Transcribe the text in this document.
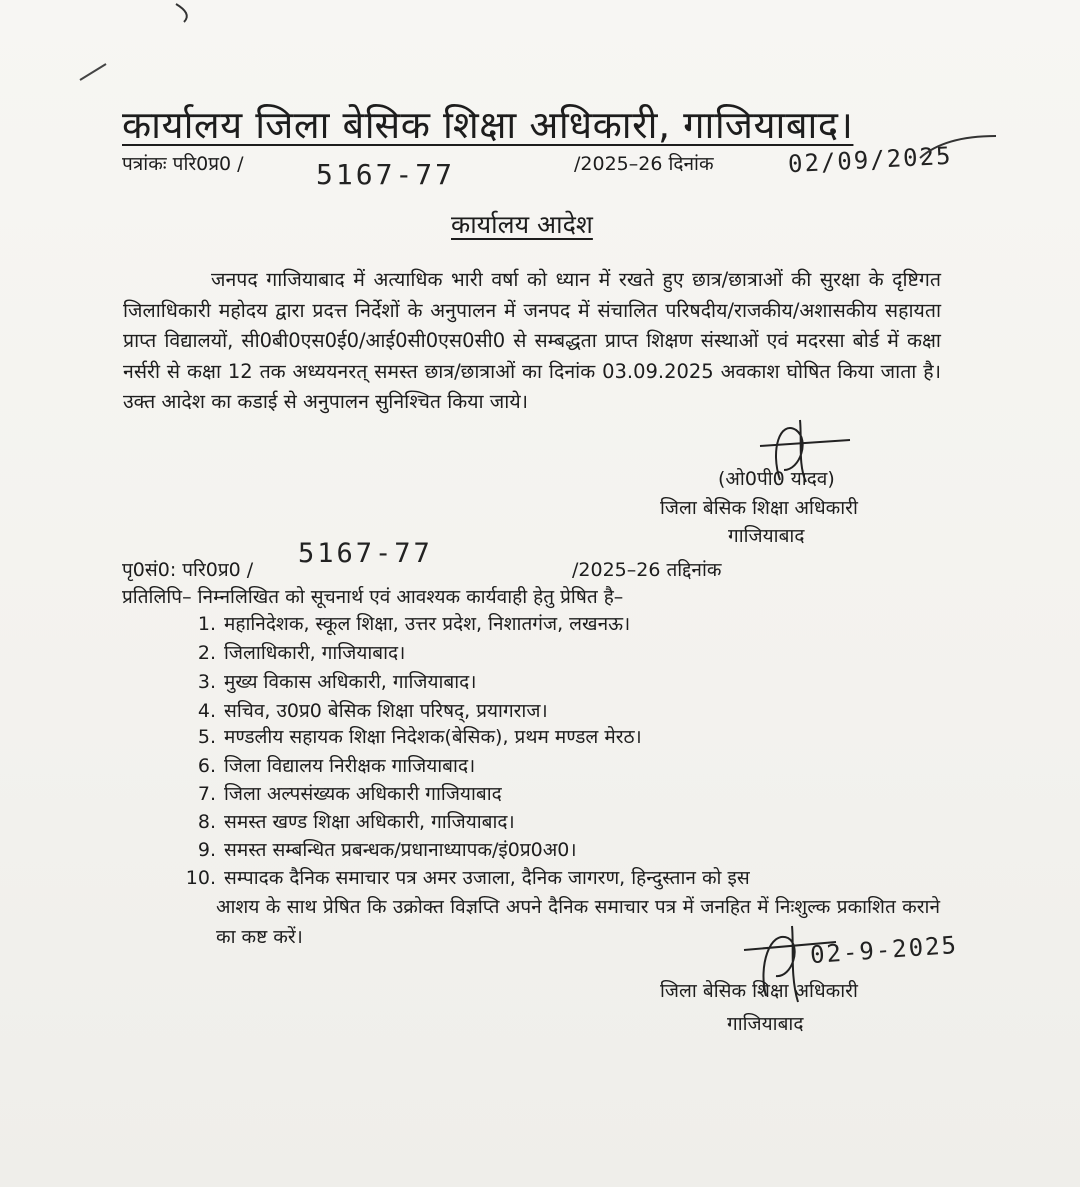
कार्यालय जिला बेसिक शिक्षा अधिकारी, गाजियाबाद।
पत्रांकः परि0प्र0 /	5167-77	/2025–26 दिनांक	02/09/2025
कार्यालय आदेश
जनपद गाजियाबाद में अत्याधिक भारी वर्षा को ध्यान में रखते हुए छात्र/छात्राओं की सुरक्षा के दृष्टिगत जिलाधिकारी महोदय द्वारा प्रदत्त निर्देशों के अनुपालन में जनपद में संचालित परिषदीय/राजकीय/अशासकीय सहायता प्राप्त विद्यालयों, सी0बी0एस0ई0/आई0सी0एस0सी0 से सम्बद्धता प्राप्त शिक्षण संस्थाओं एवं मदरसा बोर्ड में कक्षा नर्सरी से कक्षा 12 तक अध्ययनरत् समस्त छात्र/छात्राओं का दिनांक 03.09.2025 अवकाश घोषित किया जाता है। उक्त आदेश का कडाई से अनुपालन सुनिश्चित किया जाये।
(ओ0पी0 यादव)
जिला बेसिक शिक्षा अधिकारी
गाजियाबाद
पृ0सं0: परि0प्र0 /
5167-77
/2025–26 तद्दिनांक
प्रतिलिपि– निम्नलिखित को सूचनार्थ एवं आवश्यक कार्यवाही हेतु प्रेषित है–
1. महानिदेशक, स्कूल शिक्षा, उत्तर प्रदेश, निशातगंज, लखनऊ।
2. जिलाधिकारी, गाजियाबाद।
3. मुख्य विकास अधिकारी, गाजियाबाद।
4. सचिव, उ0प्र0 बेसिक शिक्षा परिषद्, प्रयागराज।
5. मण्डलीय सहायक शिक्षा निदेशक(बेसिक), प्रथम मण्डल मेरठ।
6. जिला विद्यालय निरीक्षक गाजियाबाद।
7. जिला अल्पसंख्यक अधिकारी गाजियाबाद
8. समस्त खण्ड शिक्षा अधिकारी, गाजियाबाद।
9. समस्त सम्बन्धित प्रबन्धक/प्रधानाध्यापक/इं0प्र0अ0।
10. सम्पादक दैनिक समाचार पत्र अमर उजाला, दैनिक जागरण, हिन्दुस्तान को इस
आशय के साथ प्रेषित कि उक्रोक्त विज्ञप्ति अपने दैनिक समाचार पत्र में जनहित में निःशुल्क प्रकाशित कराने का कष्ट करें।	02-9-2025
जिला बेसिक शिक्षा अधिकारी
गाजियाबाद
